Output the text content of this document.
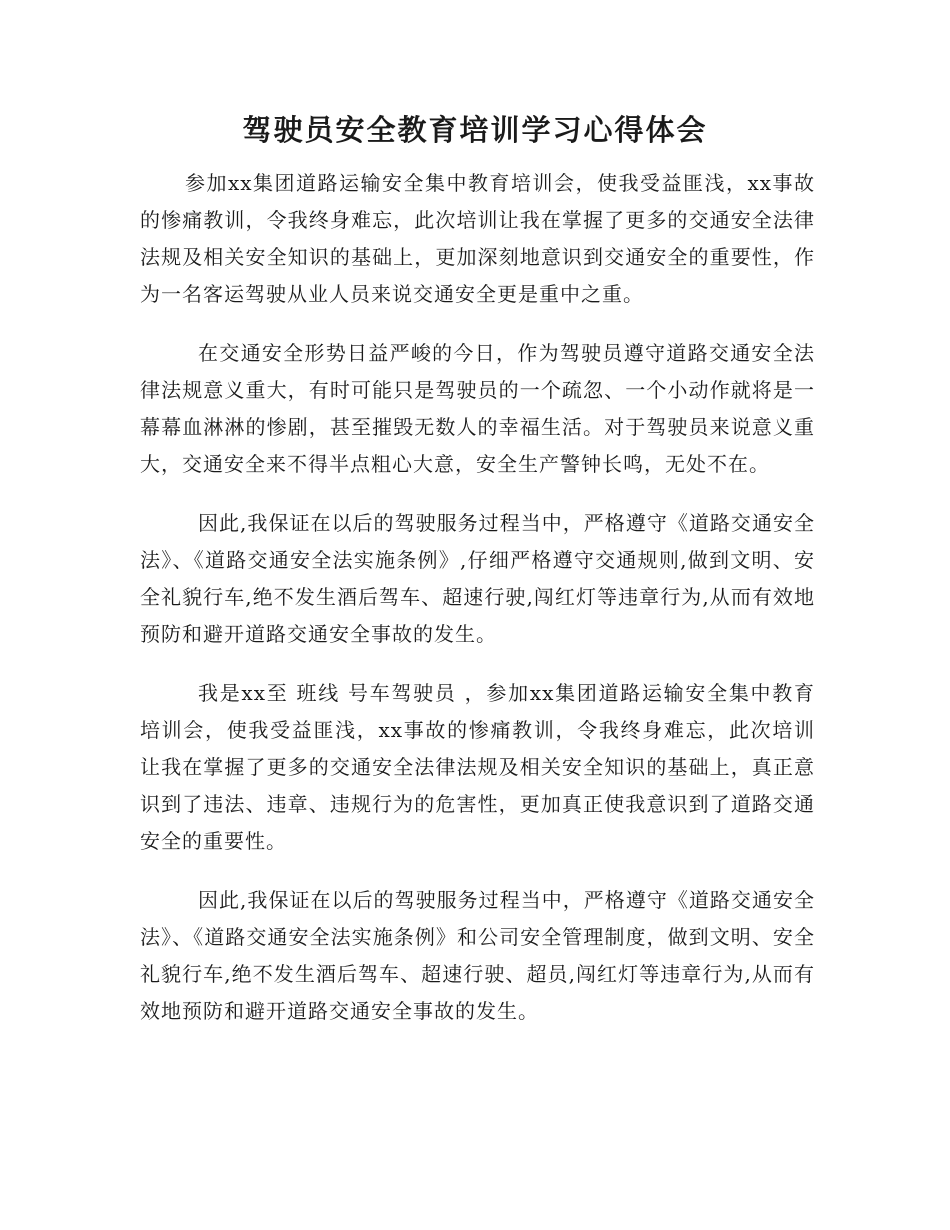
驾驶员安全教育培训学习心得体会

参加xx集团道路运输安全集中教育培训会，使我受益匪浅，xx事故的惨痛教训，令我终身难忘，此次培训让我在掌握了更多的交通安全法律法规及相关安全知识的基础上，更加深刻地意识到交通安全的重要性，作为一名客运驾驶从业人员来说交通安全更是重中之重。

在交通安全形势日益严峻的今日，作为驾驶员遵守道路交通安全法律法规意义重大，有时可能只是驾驶员的一个疏忽、一个小动作就将是一幕幕血淋淋的惨剧，甚至摧毁无数人的幸福生活。对于驾驶员来说意义重大，交通安全来不得半点粗心大意，安全生产警钟长鸣，无处不在。

因此,我保证在以后的驾驶服务过程当中，严格遵守《道路交通安全法》、《道路交通安全法实施条例》,仔细严格遵守交通规则,做到文明、安全礼貌行车,绝不发生酒后驾车、超速行驶,闯红灯等违章行为,从而有效地预防和避开道路交通安全事故的发生。

我是xx至 班线 号车驾驶员 ，参加xx集团道路运输安全集中教育培训会，使我受益匪浅，xx事故的惨痛教训，令我终身难忘，此次培训让我在掌握了更多的交通安全法律法规及相关安全知识的基础上，真正意识到了违法、违章、违规行为的危害性，更加真正使我意识到了道路交通安全的重要性。

因此,我保证在以后的驾驶服务过程当中，严格遵守《道路交通安全法》、《道路交通安全法实施条例》和公司安全管理制度，做到文明、安全礼貌行车,绝不发生酒后驾车、超速行驶、超员,闯红灯等违章行为,从而有效地预防和避开道路交通安全事故的发生。
